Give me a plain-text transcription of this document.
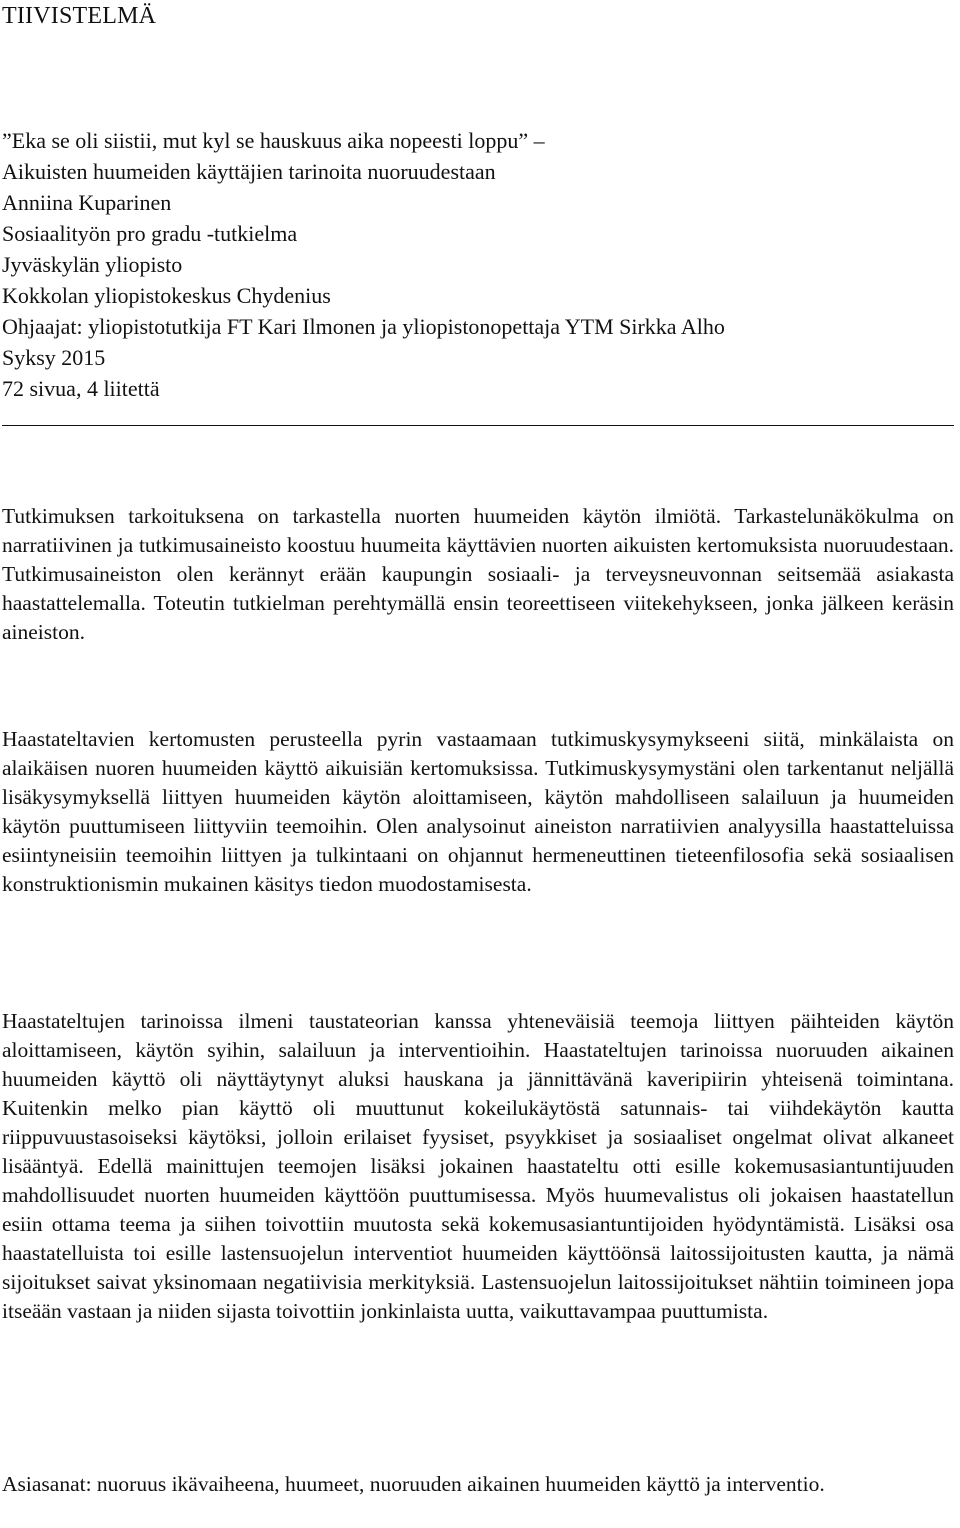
TIIVISTELMÄ
”Eka se oli siistii, mut kyl se hauskuus aika nopeesti loppu” –
Aikuisten huumeiden käyttäjien tarinoita nuoruudestaan
Anniina Kuparinen
Sosiaalityön pro gradu -tutkielma
Jyväskylän yliopisto
Kokkolan yliopistokeskus Chydenius
Ohjaajat: yliopistotutkija FT Kari Ilmonen ja yliopistonopettaja YTM Sirkka Alho
Syksy 2015
72 sivua, 4 liitettä

Tutkimuksen tarkoituksena on tarkastella nuorten huumeiden käytön ilmiötä. Tarkastelunäkökulma on narratiivinen ja tutkimusaineisto koostuu huumeita käyttävien nuorten aikuisten kertomuksista nuoruudestaan. Tutkimusaineiston olen kerännyt erään kaupungin sosiaali- ja terveysneuvonnan seitsemää asiakasta haastattelemalla. Toteutin tutkielman perehtymällä ensin teoreettiseen viitekehykseen, jonka jälkeen keräsin aineiston.

Haastateltavien kertomusten perusteella pyrin vastaamaan tutkimuskysymykseeni siitä, minkälaista on alaikäisen nuoren huumeiden käyttö aikuisiän kertomuksissa. Tutkimuskysymystäni olen tarkentanut neljällä lisäkysymyksellä liittyen huumeiden käytön aloittamiseen, käytön mahdolliseen salailuun ja huumeiden käytön puuttumiseen liittyviin teemoihin. Olen analysoinut aineiston narratiivien analyysilla haastatteluissa esiintyneisiin teemoihin liittyen ja tulkintaani on ohjannut hermeneuttinen tieteenfilosofia sekä sosiaalisen konstruktionismin mukainen käsitys tiedon muodostamisesta.

Haastateltujen tarinoissa ilmeni taustateorian kanssa yhteneväisiä teemoja liittyen päihteiden käytön aloittamiseen, käytön syihin, salailuun ja interventioihin. Haastateltujen tarinoissa nuoruuden aikainen huumeiden käyttö oli näyttäytynyt aluksi hauskana ja jännittävänä kaveripiirin yhteisenä toimintana. Kuitenkin melko pian käyttö oli muuttunut kokeilukäytöstä satunnais- tai viihdekäytön kautta riippuvuustasoiseksi käytöksi, jolloin erilaiset fyysiset, psyykkiset ja sosiaaliset ongelmat olivat alkaneet lisääntyä. Edellä mainittujen teemojen lisäksi jokainen haastateltu otti esille kokemusasiantuntijuuden mahdollisuudet nuorten huumeiden käyttöön puuttumisessa. Myös huumevalistus oli jokaisen haastatellun esiin ottama teema ja siihen toivottiin muutosta sekä kokemusasiantuntijoiden hyödyntämistä. Lisäksi osa haastatelluista toi esille lastensuojelun interventiot huumeiden käyttöönsä laitossijoitusten kautta, ja nämä sijoitukset saivat yksinomaan negatiivisia merkityksiä. Lastensuojelun laitossijoitukset nähtiin toimineen jopa itseään vastaan ja niiden sijasta toivottiin jonkinlaista uutta, vaikuttavampaa puuttumista.

Asiasanat: nuoruus ikävaiheena, huumeet, nuoruuden aikainen huumeiden käyttö ja interventio.
